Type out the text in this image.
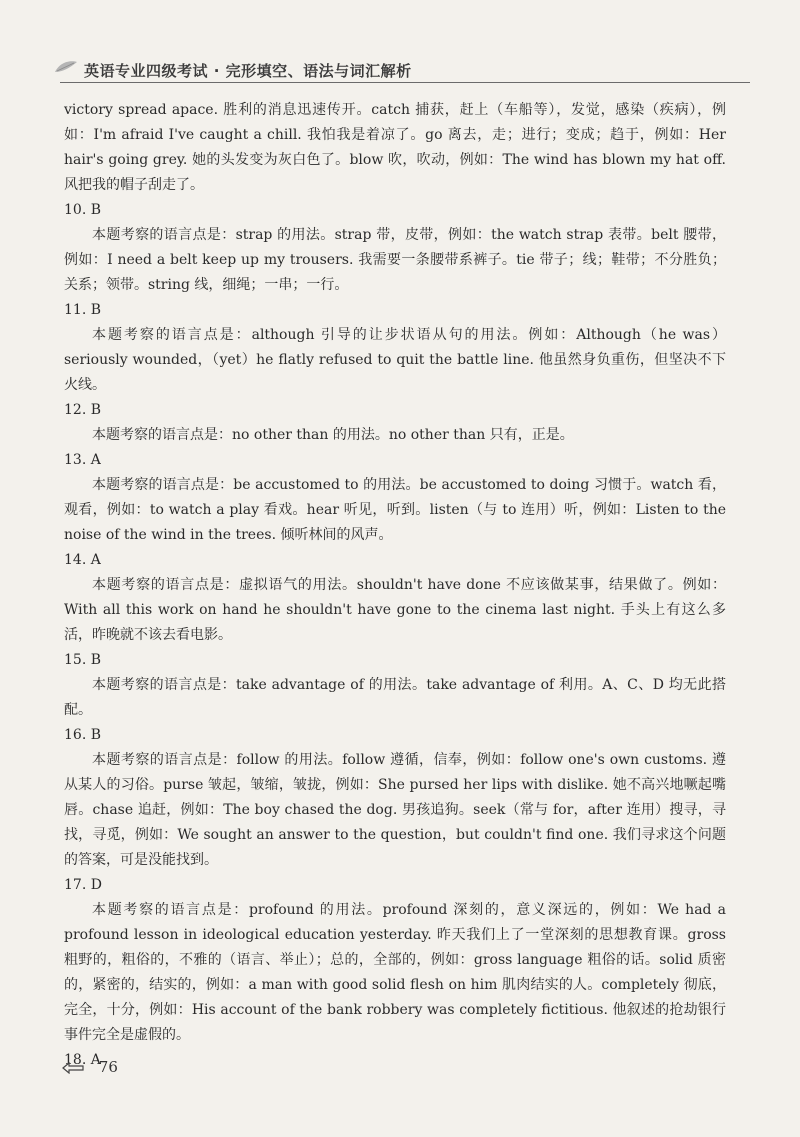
英语专业四级考试 · 完形填空、语法与词汇解析

victory spread apace. 胜利的消息迅速传开。catch 捕获，赶上（车船等），发觉，感染（疾病），例如：I'm afraid I've caught a chill. 我怕我是着凉了。go 离去，走；进行；变成；趋于，例如：Her hair's going grey. 她的头发变为灰白色了。blow 吹，吹动，例如：The wind has blown my hat off. 风把我的帽子刮走了。

10. B

本题考察的语言点是：strap 的用法。strap 带，皮带，例如：the watch strap 表带。belt 腰带，例如：I need a belt keep up my trousers. 我需要一条腰带系裤子。tie 带子；线；鞋带；不分胜负；关系；领带。string 线，细绳；一串；一行。

11. B

本题考察的语言点是：although 引导的让步状语从句的用法。例如：Although（he was）seriously wounded，（yet）he flatly refused to quit the battle line. 他虽然身负重伤，但坚决不下火线。

12. B

本题考察的语言点是：no other than 的用法。no other than 只有，正是。

13. A

本题考察的语言点是：be accustomed to 的用法。be accustomed to doing 习惯于。watch 看，观看，例如：to watch a play 看戏。hear 听见，听到。listen（与 to 连用）听，例如：Listen to the noise of the wind in the trees. 倾听林间的风声。

14. A

本题考察的语言点是：虚拟语气的用法。shouldn't have done 不应该做某事，结果做了。例如：With all this work on hand he shouldn't have gone to the cinema last night. 手头上有这么多活，昨晚就不该去看电影。

15. B

本题考察的语言点是：take advantage of 的用法。take advantage of 利用。A、C、D 均无此搭配。

16. B

本题考察的语言点是：follow 的用法。follow 遵循，信奉，例如：follow one's own customs. 遵从某人的习俗。purse 皱起，皱缩，皱拢，例如：She pursed her lips with dislike. 她不高兴地噘起嘴唇。chase 追赶，例如：The boy chased the dog. 男孩追狗。seek（常与 for，after 连用）搜寻，寻找，寻觅，例如：We sought an answer to the question，but couldn't find one. 我们寻求这个问题的答案，可是没能找到。

17. D

本题考察的语言点是：profound 的用法。profound 深刻的，意义深远的，例如：We had a profound lesson in ideological education yesterday. 昨天我们上了一堂深刻的思想教育课。gross 粗野的，粗俗的，不雅的（语言、举止）；总的，全部的，例如：gross language 粗俗的话。solid 质密的，紧密的，结实的，例如：a man with good solid flesh on him 肌肉结实的人。completely 彻底，完全，十分，例如：His account of the bank robbery was completely fictitious. 他叙述的抢劫银行事件完全是虚假的。

18. A

76
